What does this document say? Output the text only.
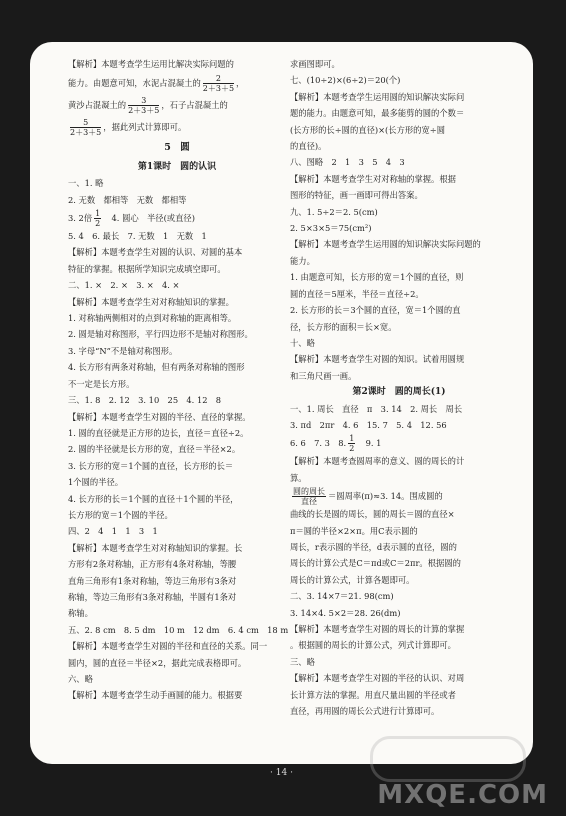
【解析】本题考查学生运用比解决实际问题的
能力。由题意可知，水泥占混凝土的 $\frac{2}{2+3+5}$ ，
黄沙占混凝土的 $\frac{3}{2+3+5}$ ，石子占混凝土的
$\frac{5}{2+3+5}$ ，据此列式计算即可。
5　圆
第1课时　圆的认识
一、1. 略
2. 无数　都相等　无数　都相等
3. 2倍 $\frac{1}{2}$ 　4. 圆心　半径(或直径)
5. 4　6. 最长　7. 无数　1　无数　1
【解析】本题考查学生对圆的认识、对圆的基本
特征的掌握。根据所学知识完成填空即可。
二、1. ×　2. ×　3. ×　4. ×
【解析】本题考查学生对对称轴知识的掌握。
1. 对称轴两侧相对的点到对称轴的距离相等。
2. 圆是轴对称图形，平行四边形不是轴对称图形。
3. 字母“N”不是轴对称图形。
4. 长方形有两条对称轴，但有两条对称轴的图形
不一定是长方形。
三、1. 8　2. 12　3. 10　25　4. 12　8
【解析】本题考查学生对圆的半径、直径的掌握。
1. 圆的直径就是正方形的边长，直径＝直径÷2。
2. 圆的半径就是长方形的宽，直径＝半径×2。
3. 长方形的宽＝1个圆的直径，长方形的长＝
1个圆的半径。
4. 长方形的长＝1个圆的直径＋1个圆的半径，
长方形的宽＝1个圆的半径。
四、2　4　1　1　3　1
【解析】本题考查学生对对称轴知识的掌握。长
方形有2条对称轴，正方形有4条对称轴，等腰
直角三角形有1条对称轴，等边三角形有3条对
称轴，等边三角形有3条对称轴，半圆有1条对
称轴。
五、2. 8 cm　8. 5 dm　10 m　12 dm　6. 4 cm　18 m
【解析】本题考查学生对圆的半径和直径的关系。同一
圆内，圆的直径＝半径×2，据此完成表格即可。
六、略
【解析】本题考查学生动手画圆的能力。根据要
求画图即可。
七、(10÷2)×(6÷2)＝20(个)
【解析】本题考查学生运用圆的知识解决实际问
题的能力。由题意可知，最多能剪的圆的个数＝
(长方形的长÷圆的直径)×(长方形的宽÷圆
的直径)。
八、图略　2　1　3　5　4　3
【解析】本题考查学生对对称轴的掌握。根据
图形的特征，画一画即可得出答案。
九、1. 5÷2＝2. 5(cm)
2. 5×3×5＝75(cm²)
【解析】本题考查学生运用圆的知识解决实际问题的
能力。
1. 由题意可知，长方形的宽＝1个圆的直径，则
圆的直径＝5厘米，半径＝直径÷2。
2. 长方形的长＝3个圆的直径，宽＝1个圆的直
径，长方形的面积＝长×宽。
十、略
【解析】本题考查学生对圆的知识。试着用圆规
和三角尺画一画。
第2课时　圆的周长(1)
一、1. 周长　直径　π　3. 14　2. 周长　周长
3. πd　2πr　4. 6　15. 7　5. 4　12. 56
6. 6　7. 3　8. $\frac{1}{2}$ 　9. 1
【解析】本题考查圆周率的意义、圆的周长的计
算。
$\frac{\text{圆的周长}}{\text{直径}}$ ＝圆周率(π)≈3. 14。围成圆的
曲线的长是圆的周长，圆的周长＝圆的直径×
π＝圆的半径×2×π。用C表示圆的
周长，r表示圆的半径，d表示圆的直径，圆的
周长的计算公式是C＝πd或C＝2πr。根据圆的
周长的计算公式，计算各题即可。
二、3. 14×7＝21. 98(cm)
3. 14×4. 5×2＝28. 26(dm)
【解析】本题考查学生对圆的周长的计算的掌握
。根据圆的周长的计算公式，列式计算即可。
三、略
【解析】本题考查学生对圆的半径的认识、对周
长计算方法的掌握。用直尺量出圆的半径或者
直径，再用圆的周长公式进行计算即可。
· 14 ·
MXQE.COM
